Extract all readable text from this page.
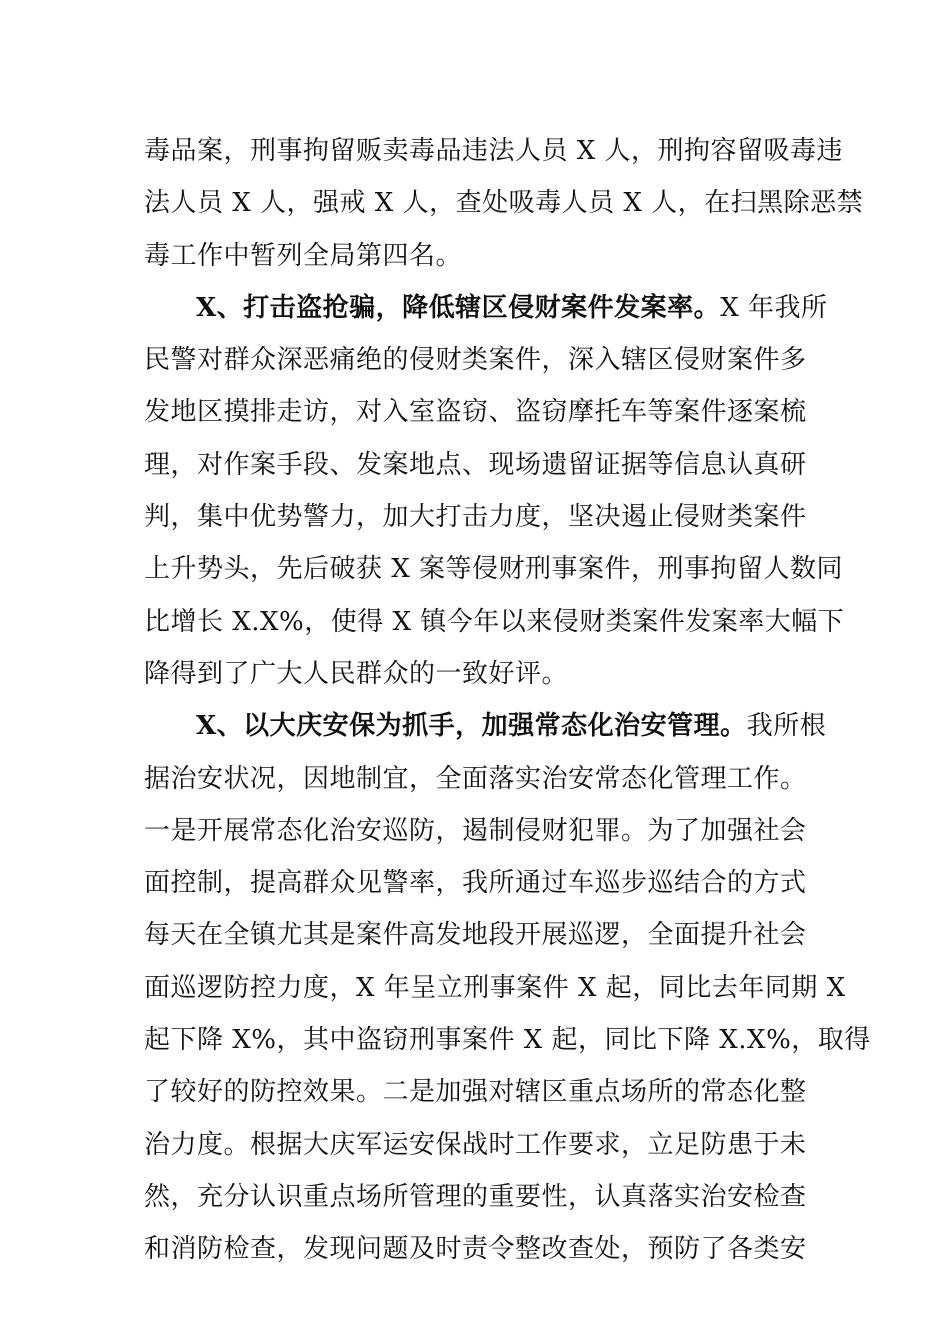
毒品案，刑事拘留贩卖毒品违法人员 X 人，刑拘容留吸毒违
法人员 X 人，强戒 X 人，查处吸毒人员 X 人，在扫黑除恶禁
毒工作中暂列全局第四名。
X、打击盗抢骗，降低辖区侵财案件发案率。X 年我所
民警对群众深恶痛绝的侵财类案件，深入辖区侵财案件多
发地区摸排走访，对入室盗窃、盗窃摩托车等案件逐案梳
理，对作案手段、发案地点、现场遗留证据等信息认真研
判，集中优势警力，加大打击力度，坚决遏止侵财类案件
上升势头，先后破获 X 案等侵财刑事案件，刑事拘留人数同
比增长 X.X%，使得 X 镇今年以来侵财类案件发案率大幅下
降得到了广大人民群众的一致好评。
X、以大庆安保为抓手，加强常态化治安管理。我所根
据治安状况，因地制宜，全面落实治安常态化管理工作。
一是开展常态化治安巡防，遏制侵财犯罪。为了加强社会
面控制，提高群众见警率，我所通过车巡步巡结合的方式
每天在全镇尤其是案件高发地段开展巡逻，全面提升社会
面巡逻防控力度，X 年呈立刑事案件 X 起，同比去年同期 X
起下降 X%，其中盗窃刑事案件 X 起，同比下降 X.X%，取得
了较好的防控效果。二是加强对辖区重点场所的常态化整
治力度。根据大庆军运安保战时工作要求，立足防患于未
然，充分认识重点场所管理的重要性，认真落实治安检查
和消防检查，发现问题及时责令整改查处，预防了各类安
